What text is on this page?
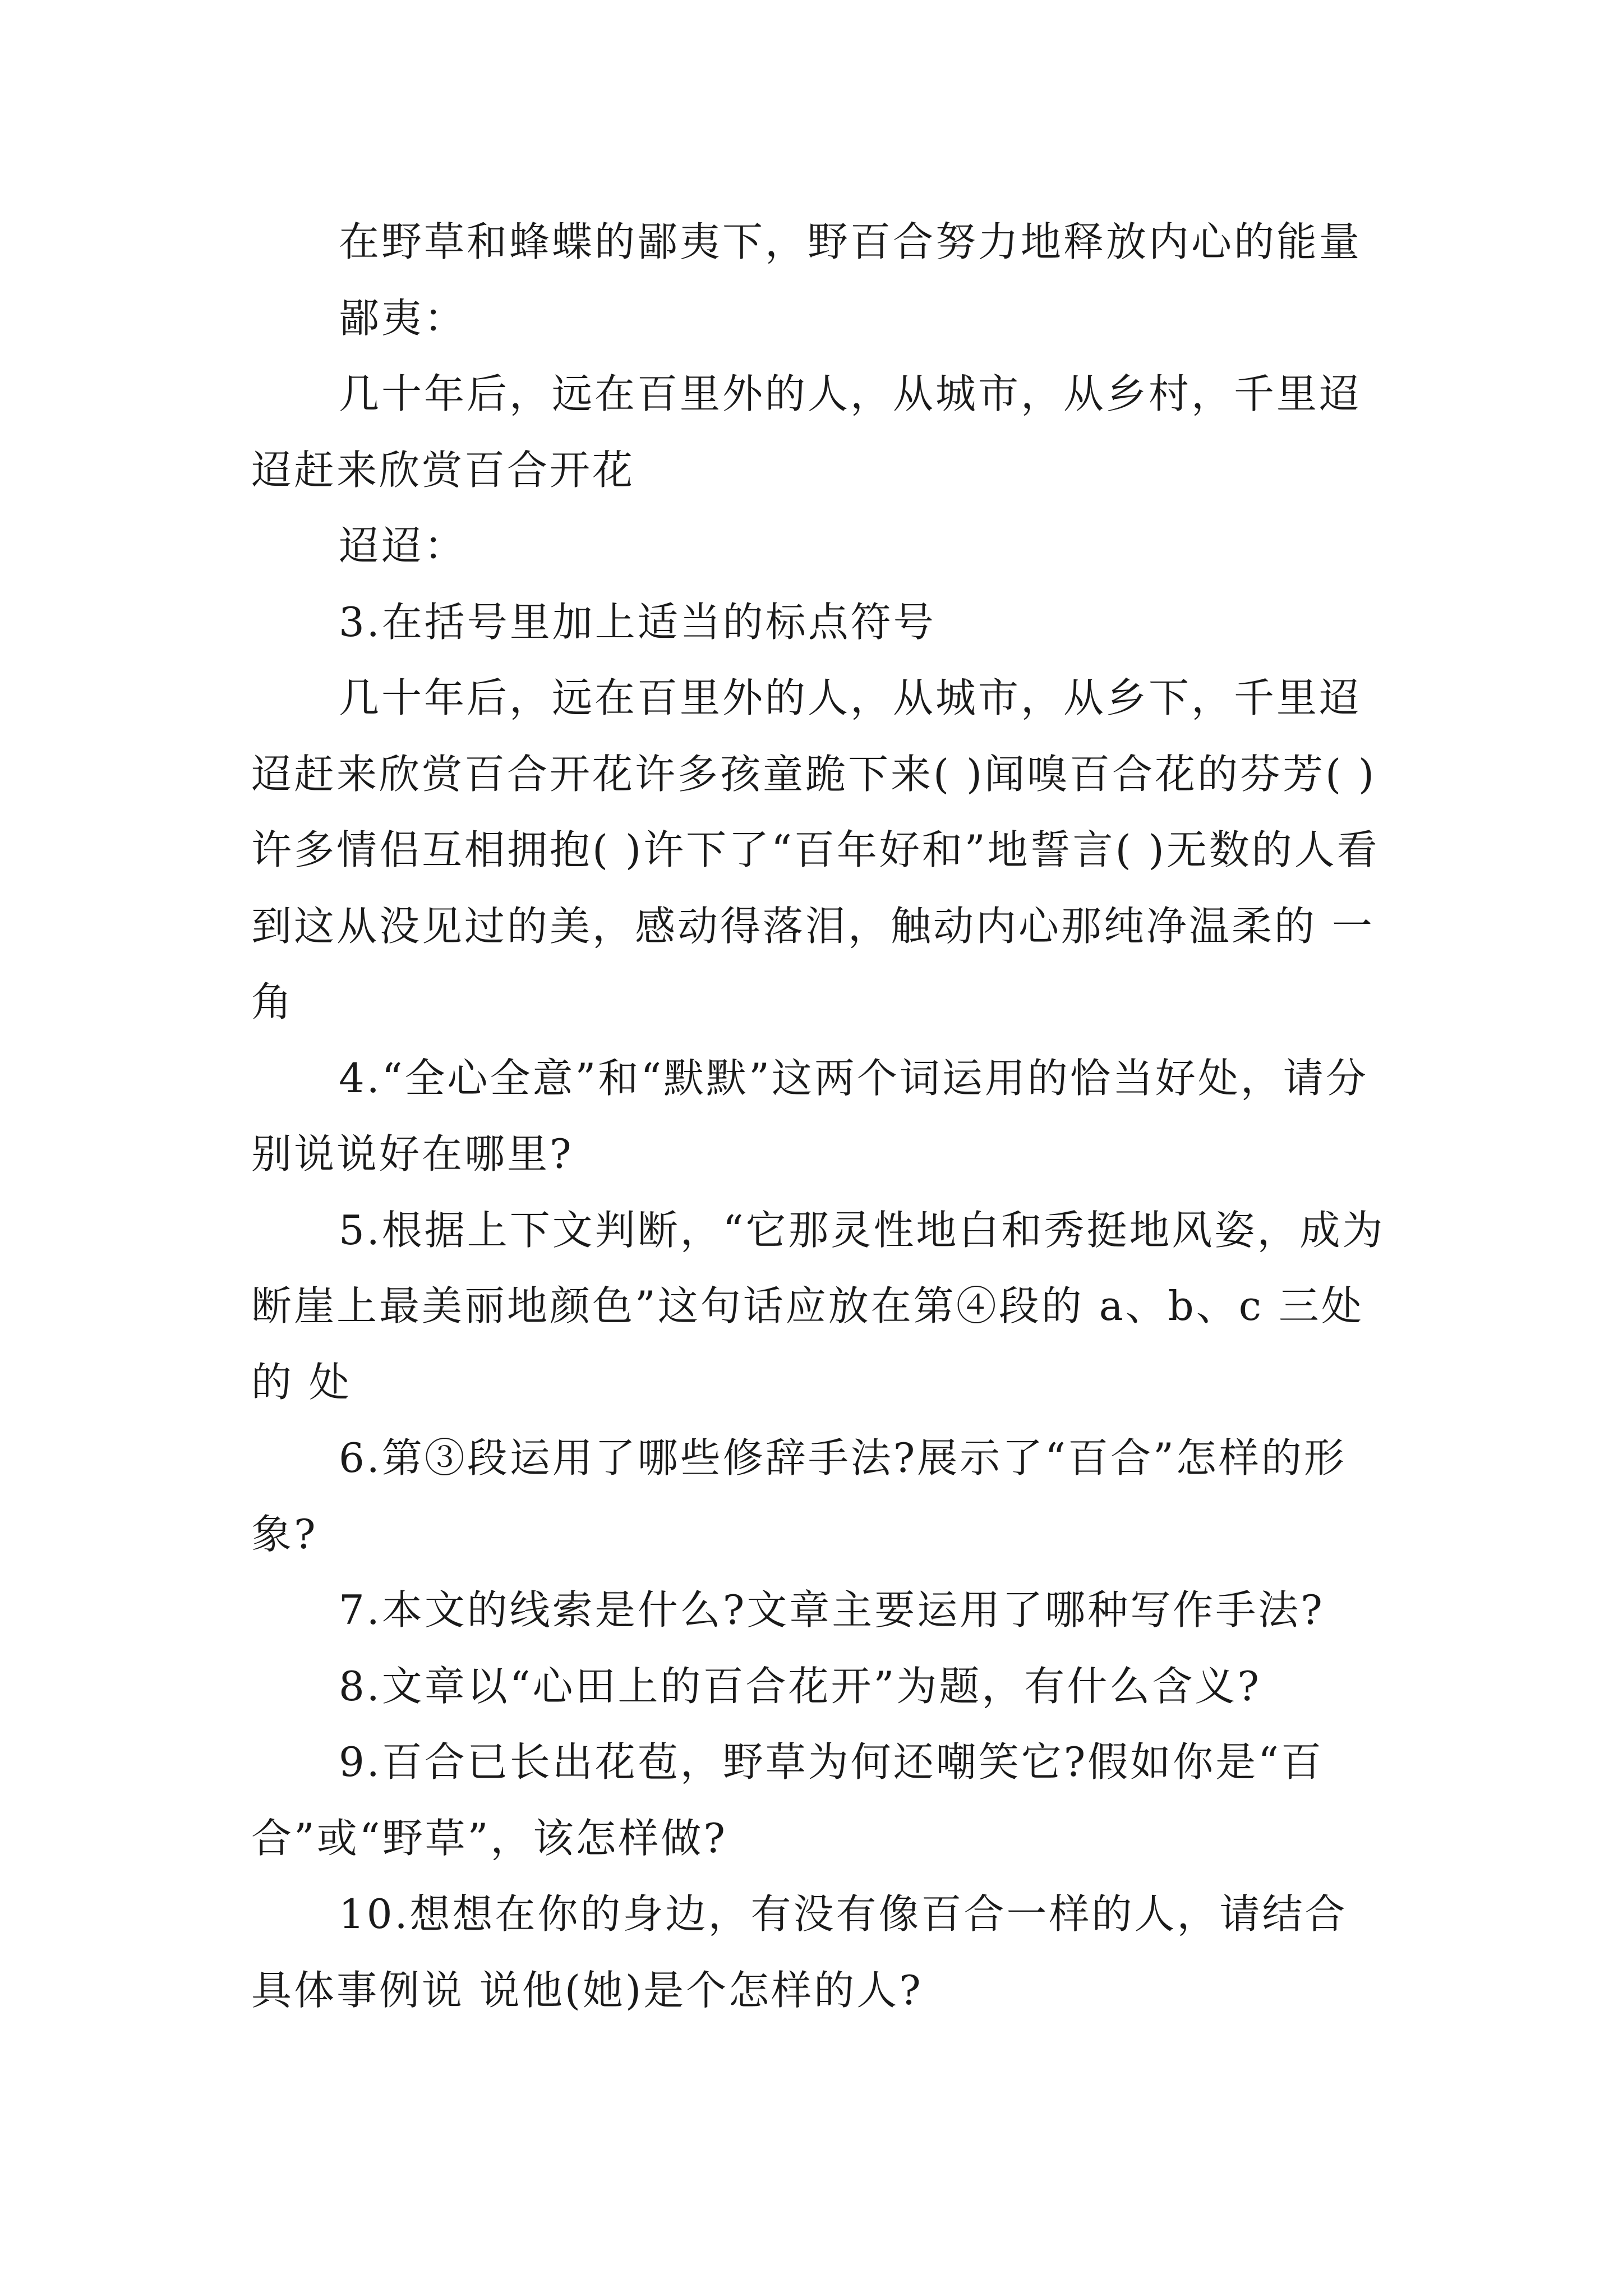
在野草和蜂蝶的鄙夷下，野百合努力地释放内心的能量

鄙夷：

几十年后，远在百里外的人，从城市，从乡村，千里迢迢赶来欣赏百合开花

迢迢：

3.在括号里加上适当的标点符号

几十年后，远在百里外的人，从城市，从乡下，千里迢迢赶来欣赏百合开花许多孩童跪下来( )闻嗅百合花的芬芳( )许多情侣互相拥抱( )许下了“百年好和”地誓言( )无数的人看到这从没见过的美，感动得落泪，触动内心那纯净温柔的 一角

4.“全心全意”和“默默”这两个词运用的恰当好处，请分别说说好在哪里?

5.根据上下文判断，“它那灵性地白和秀挺地风姿，成为断崖上最美丽地颜色”这句话应放在第④段的 a、b、c 三处的 处

6.第③段运用了哪些修辞手法?展示了“百合”怎样的形象?

7.本文的线索是什么?文章主要运用了哪种写作手法?

8.文章以“心田上的百合花开”为题，有什么含义?

9.百合已长出花苞，野草为何还嘲笑它?假如你是“百合”或“野草”，该怎样做?

10.想想在你的身边，有没有像百合一样的人，请结合具体事例说 说他(她)是个怎样的人?
